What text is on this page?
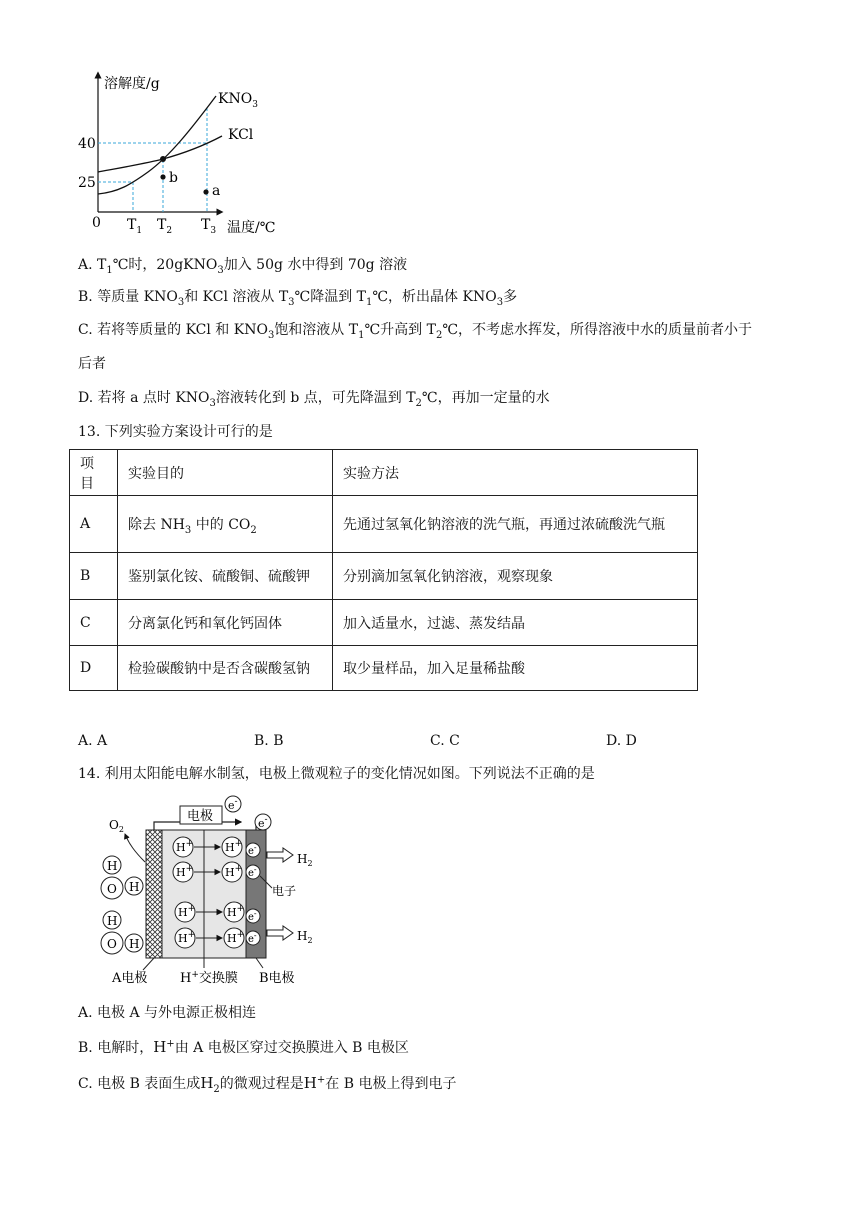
溶解度/g
温度/℃
0
40
25
$T_1$ $T_2$ $T_3$
$KNO_3$
KCl
a
b
A. $T_1℃$时，20gKNO$_3$加入 50g 水中得到 70g 溶液
B. 等质量 $KNO_3$和 KCl 溶液从 $T_3℃$降温到 $T_1℃$，析出晶体 $KNO_3$多
C. 若将等质量的 KCl 和 $KNO_3$饱和溶液从 $T_1℃$升高到 $T_2℃$，不考虑水挥发，所得溶液中水的质量前者小于
后者
D. 若将 a 点时 $KNO_3$溶液转化到 b 点，可先降温到 $T_2℃$，再加一定量的水
13. 下列实验方案设计可行的是
项目	实验目的	实验方法
A	除去 $NH_3$ 中的 $CO_2$	先通过氢氧化钠溶液的洗气瓶，再通过浓硫酸洗气瓶
B	鉴别氯化铵、硫酸铜、硫酸钾	分别滴加氢氧化钠溶液，观察现象
C	分离氯化钙和氧化钙固体	加入适量水，过滤、蒸发结晶
D	检验碳酸钠中是否含碳酸氢钠	取少量样品，加入足量稀盐酸
A. A	B. B	C. C	D. D
14. 利用太阳能电解水制氢，电极上微观粒子的变化情况如图。下列说法不正确的是
电极
e-
e-
$O_2$
H
O H
H
O H
H+
H+
H+
H+
H+
H+
H+
H+
e-
e-
e-
e-
$H_2$
$H_2$
电子
A电极	H+交换膜 B电极
A. 电极 A 与外电源正极相连
B. 电解时，H+由 A 电极区穿过交换膜进入 B 电极区
C. 电极 B 表面生成$H_2$的微观过程是H+在 B 电极上得到电子
